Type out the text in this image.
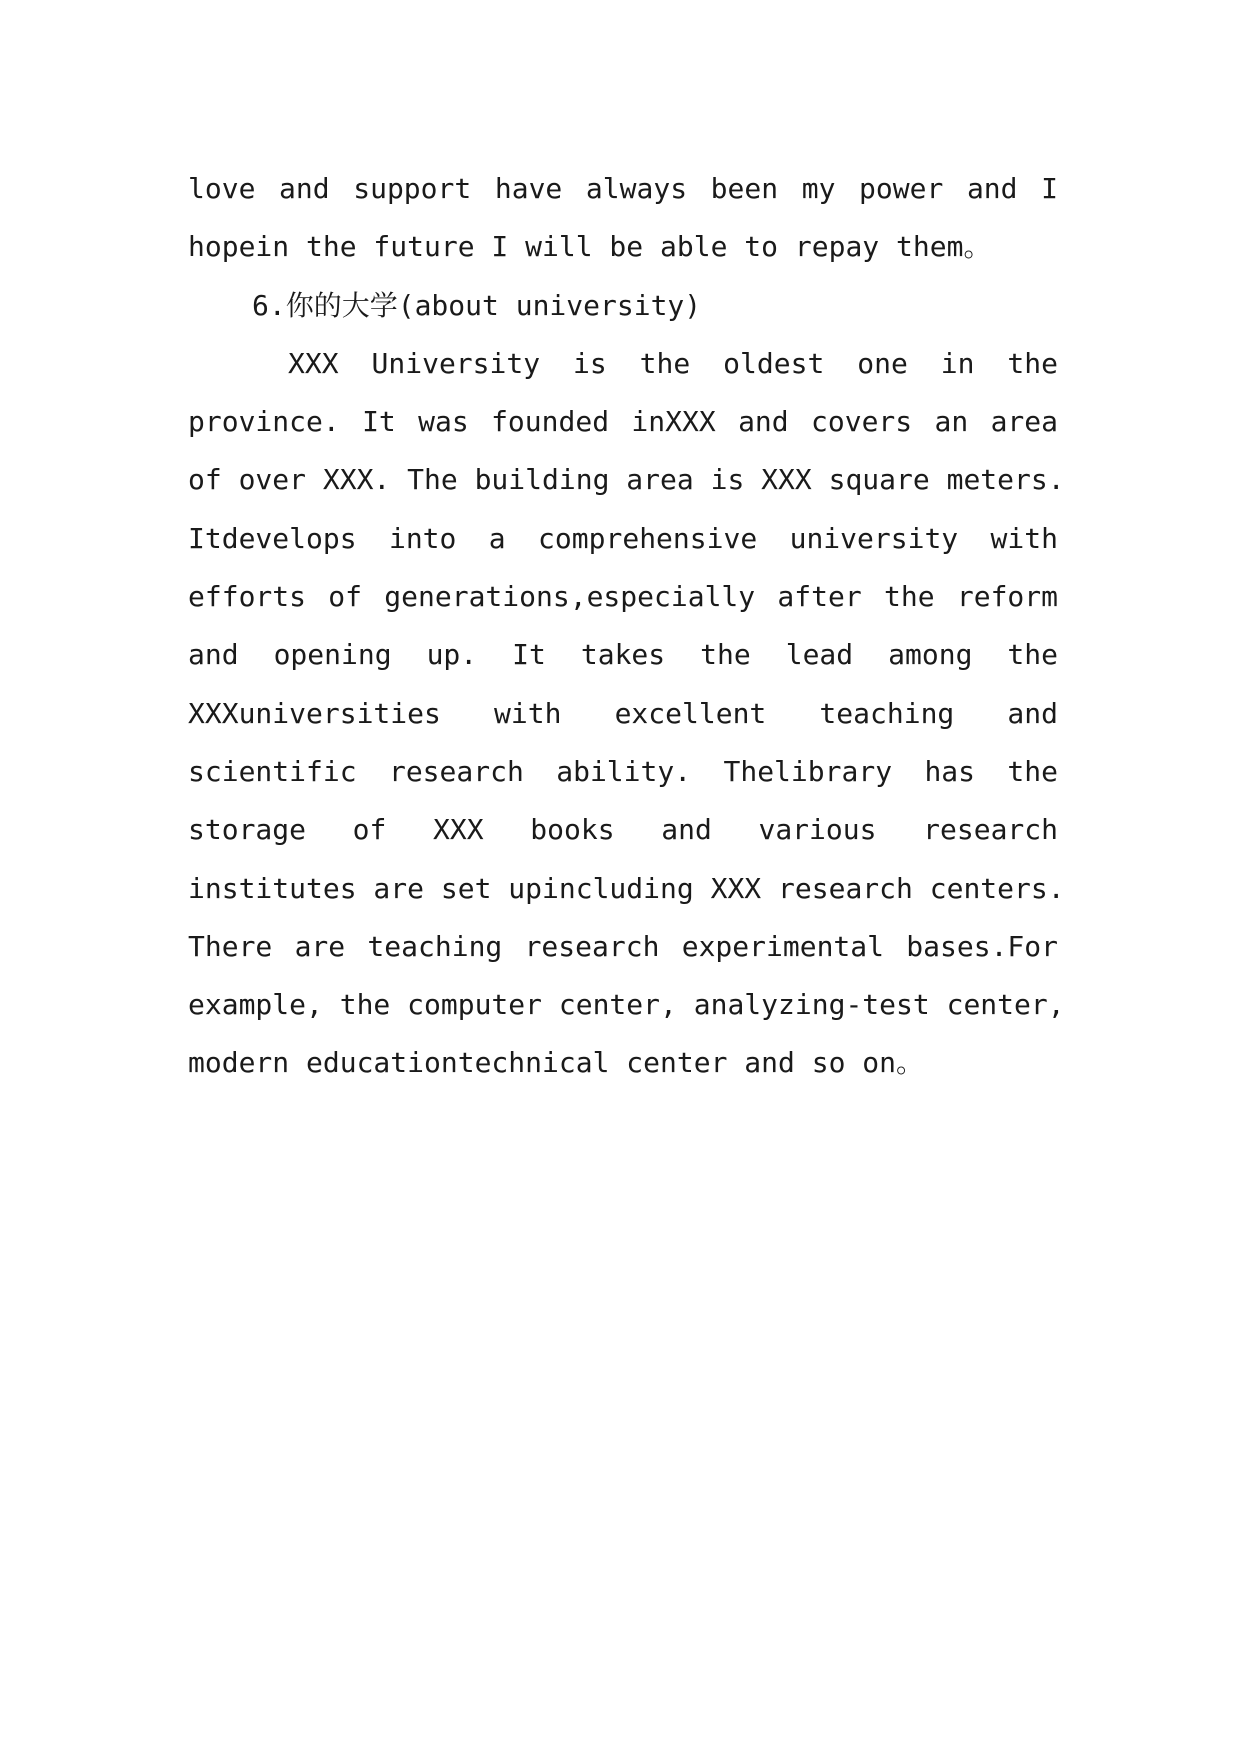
love and support have always been my power and I
hopein the future I will be able to repay them。
6.你的大学(about university)
XXX University is the oldest one in the
province. It was founded inXXX and covers an area
of over XXX. The building area is XXX square meters.
Itdevelops into a comprehensive university with
efforts of generations,especially after the reform
and opening up. It takes the lead among the
XXXuniversities with excellent teaching and
scientific research ability. Thelibrary has the
storage of XXX books and various research
institutes are set upincluding XXX research centers.
There are teaching research experimental bases.For
example, the computer center, analyzing-test center,
modern educationtechnical center and so on。
